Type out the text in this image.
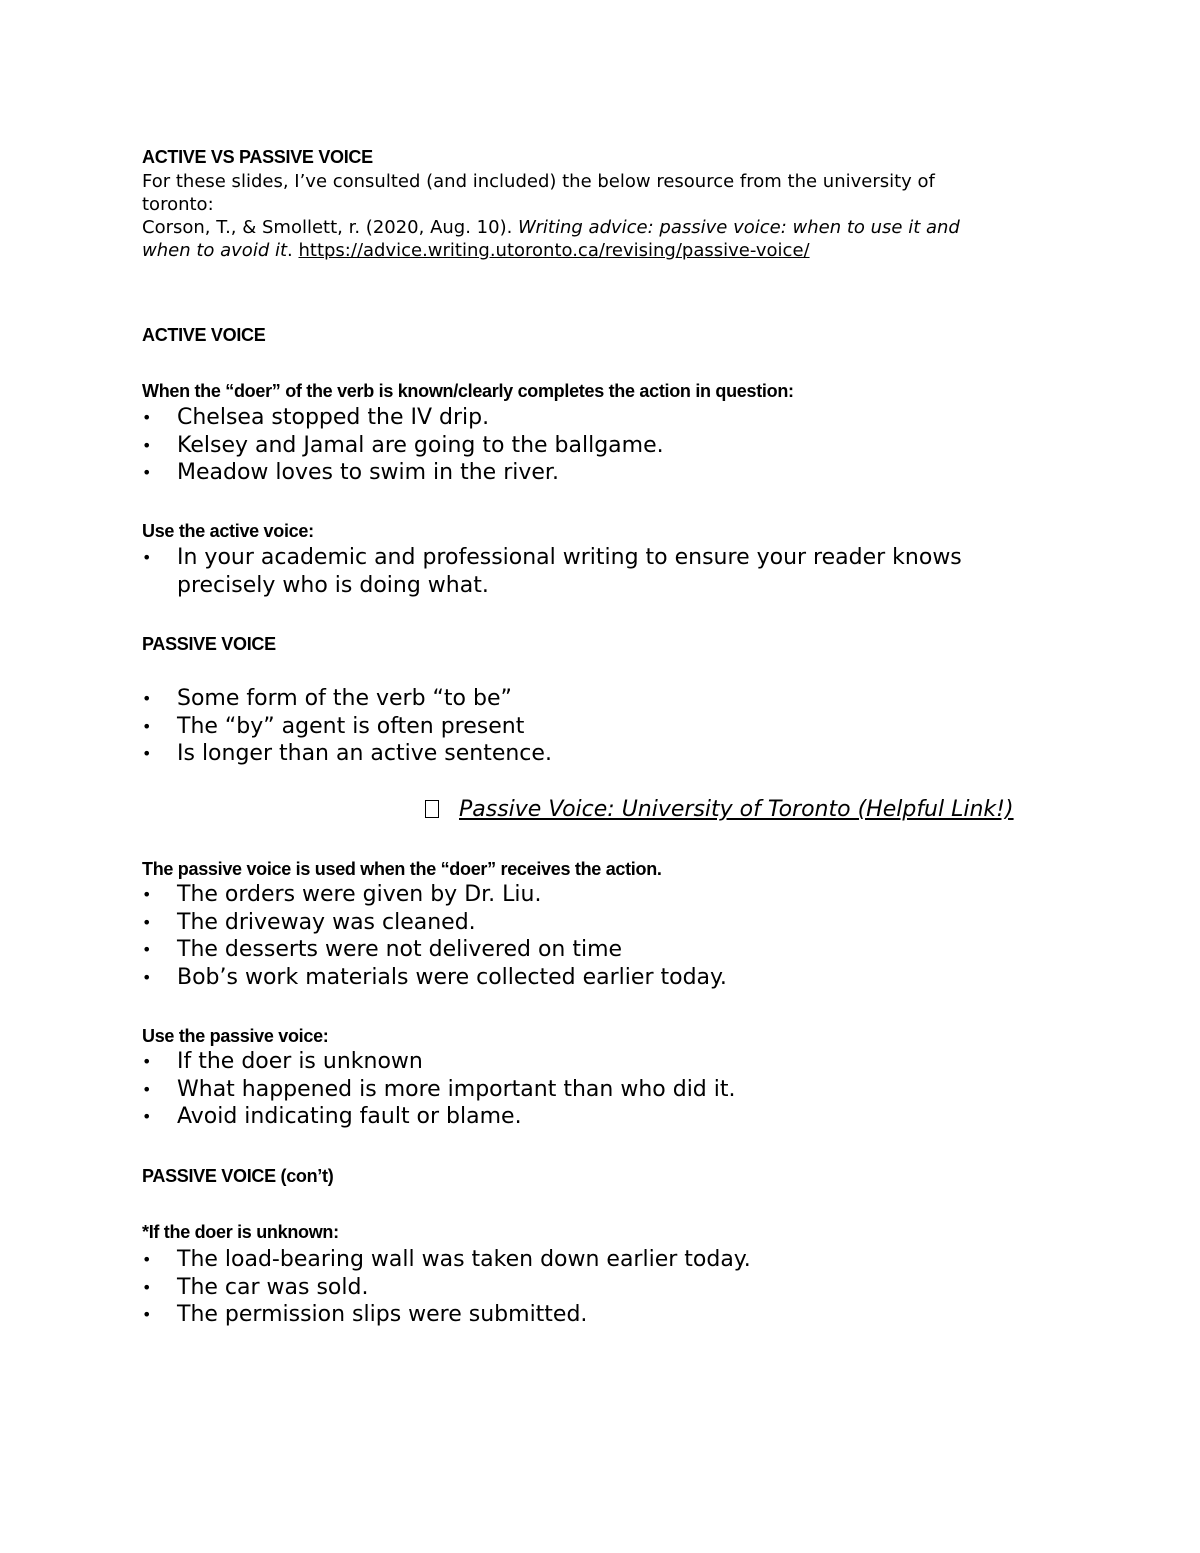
ACTIVE VS PASSIVE VOICE
For these slides, I’ve consulted (and included) the below resource from the university of
toronto:
Corson, T., & Smollett, r. (2020, Aug. 10). Writing advice: passive voice: when to use it and
when to avoid it. https://advice.writing.utoronto.ca/revising/passive-voice/
ACTIVE VOICE
When the “doer” of the verb is known/clearly completes the action in question:
• Chelsea stopped the IV drip.
• Kelsey and Jamal are going to the ballgame.
• Meadow loves to swim in the river.
Use the active voice:
• In your academic and professional writing to ensure your reader knows
precisely who is doing what.
PASSIVE VOICE
• Some form of the verb “to be”
• The “by” agent is often present
• Is longer than an active sentence.
Passive Voice: University of Toronto (Helpful Link!)
The passive voice is used when the “doer” receives the action.
• The orders were given by Dr. Liu.
• The driveway was cleaned.
• The desserts were not delivered on time
• Bob’s work materials were collected earlier today.
Use the passive voice:
• If the doer is unknown
• What happened is more important than who did it.
• Avoid indicating fault or blame.
PASSIVE VOICE (con’t)
*If the doer is unknown:
• The load-bearing wall was taken down earlier today.
• The car was sold.
• The permission slips were submitted.
